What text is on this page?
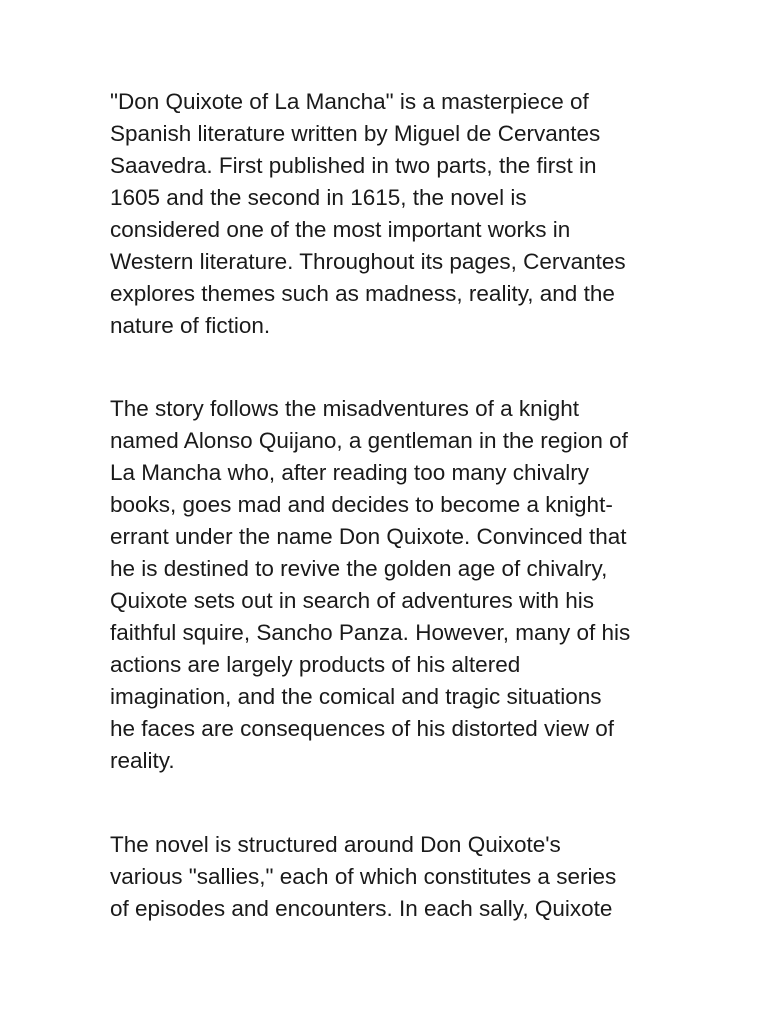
"Don Quixote of La Mancha" is a masterpiece of
Spanish literature written by Miguel de Cervantes
Saavedra. First published in two parts, the first in
1605 and the second in 1615, the novel is
considered one of the most important works in
Western literature. Throughout its pages, Cervantes
explores themes such as madness, reality, and the
nature of fiction.

The story follows the misadventures of a knight
named Alonso Quijano, a gentleman in the region of
La Mancha who, after reading too many chivalry
books, goes mad and decides to become a knight-
errant under the name Don Quixote. Convinced that
he is destined to revive the golden age of chivalry,
Quixote sets out in search of adventures with his
faithful squire, Sancho Panza. However, many of his
actions are largely products of his altered
imagination, and the comical and tragic situations
he faces are consequences of his distorted view of
reality.

The novel is structured around Don Quixote's
various "sallies," each of which constitutes a series
of episodes and encounters. In each sally, Quixote
